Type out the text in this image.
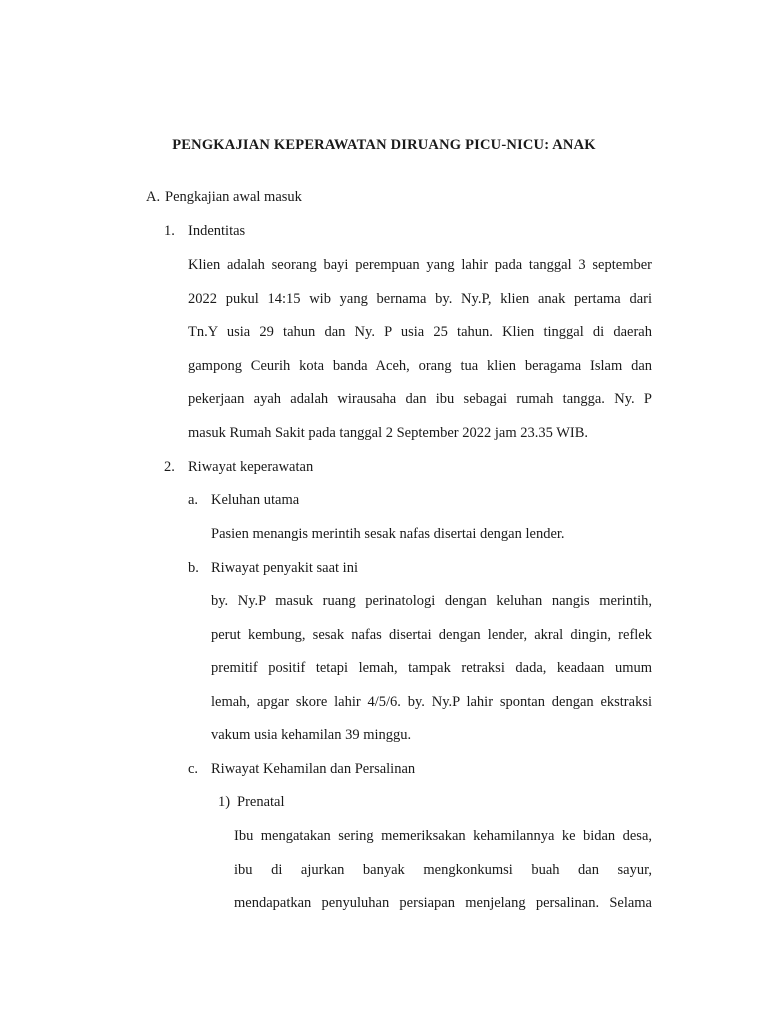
PENGKAJIAN KEPERAWATAN DIRUANG PICU-NICU: ANAK
A. Pengkajian awal masuk
1. Indentitas
Klien adalah seorang bayi perempuan yang lahir pada tanggal 3 september
2022 pukul 14:15 wib yang bernama by. Ny.P, klien anak pertama dari
Tn.Y usia 29 tahun dan Ny. P usia 25 tahun. Klien tinggal di daerah
gampong Ceurih kota banda Aceh, orang tua klien beragama Islam dan
pekerjaan ayah adalah wirausaha dan ibu sebagai rumah tangga. Ny. P
masuk Rumah Sakit pada tanggal 2 September 2022 jam 23.35 WIB.
2. Riwayat keperawatan
a. Keluhan utama
Pasien menangis merintih sesak nafas disertai dengan lender.
b. Riwayat penyakit saat ini
by. Ny.P masuk ruang perinatologi dengan keluhan nangis merintih,
perut kembung, sesak nafas disertai dengan lender, akral dingin, reflek
premitif positif tetapi lemah, tampak retraksi dada, keadaan umum
lemah, apgar skore lahir 4/5/6. by. Ny.P lahir spontan dengan ekstraksi
vakum usia kehamilan 39 minggu.
c. Riwayat Kehamilan dan Persalinan
1) Prenatal
Ibu mengatakan sering memeriksakan kehamilannya ke bidan desa,
ibu di ajurkan banyak mengkonkumsi buah dan sayur,
mendapatkan penyuluhan persiapan menjelang persalinan. Selama
